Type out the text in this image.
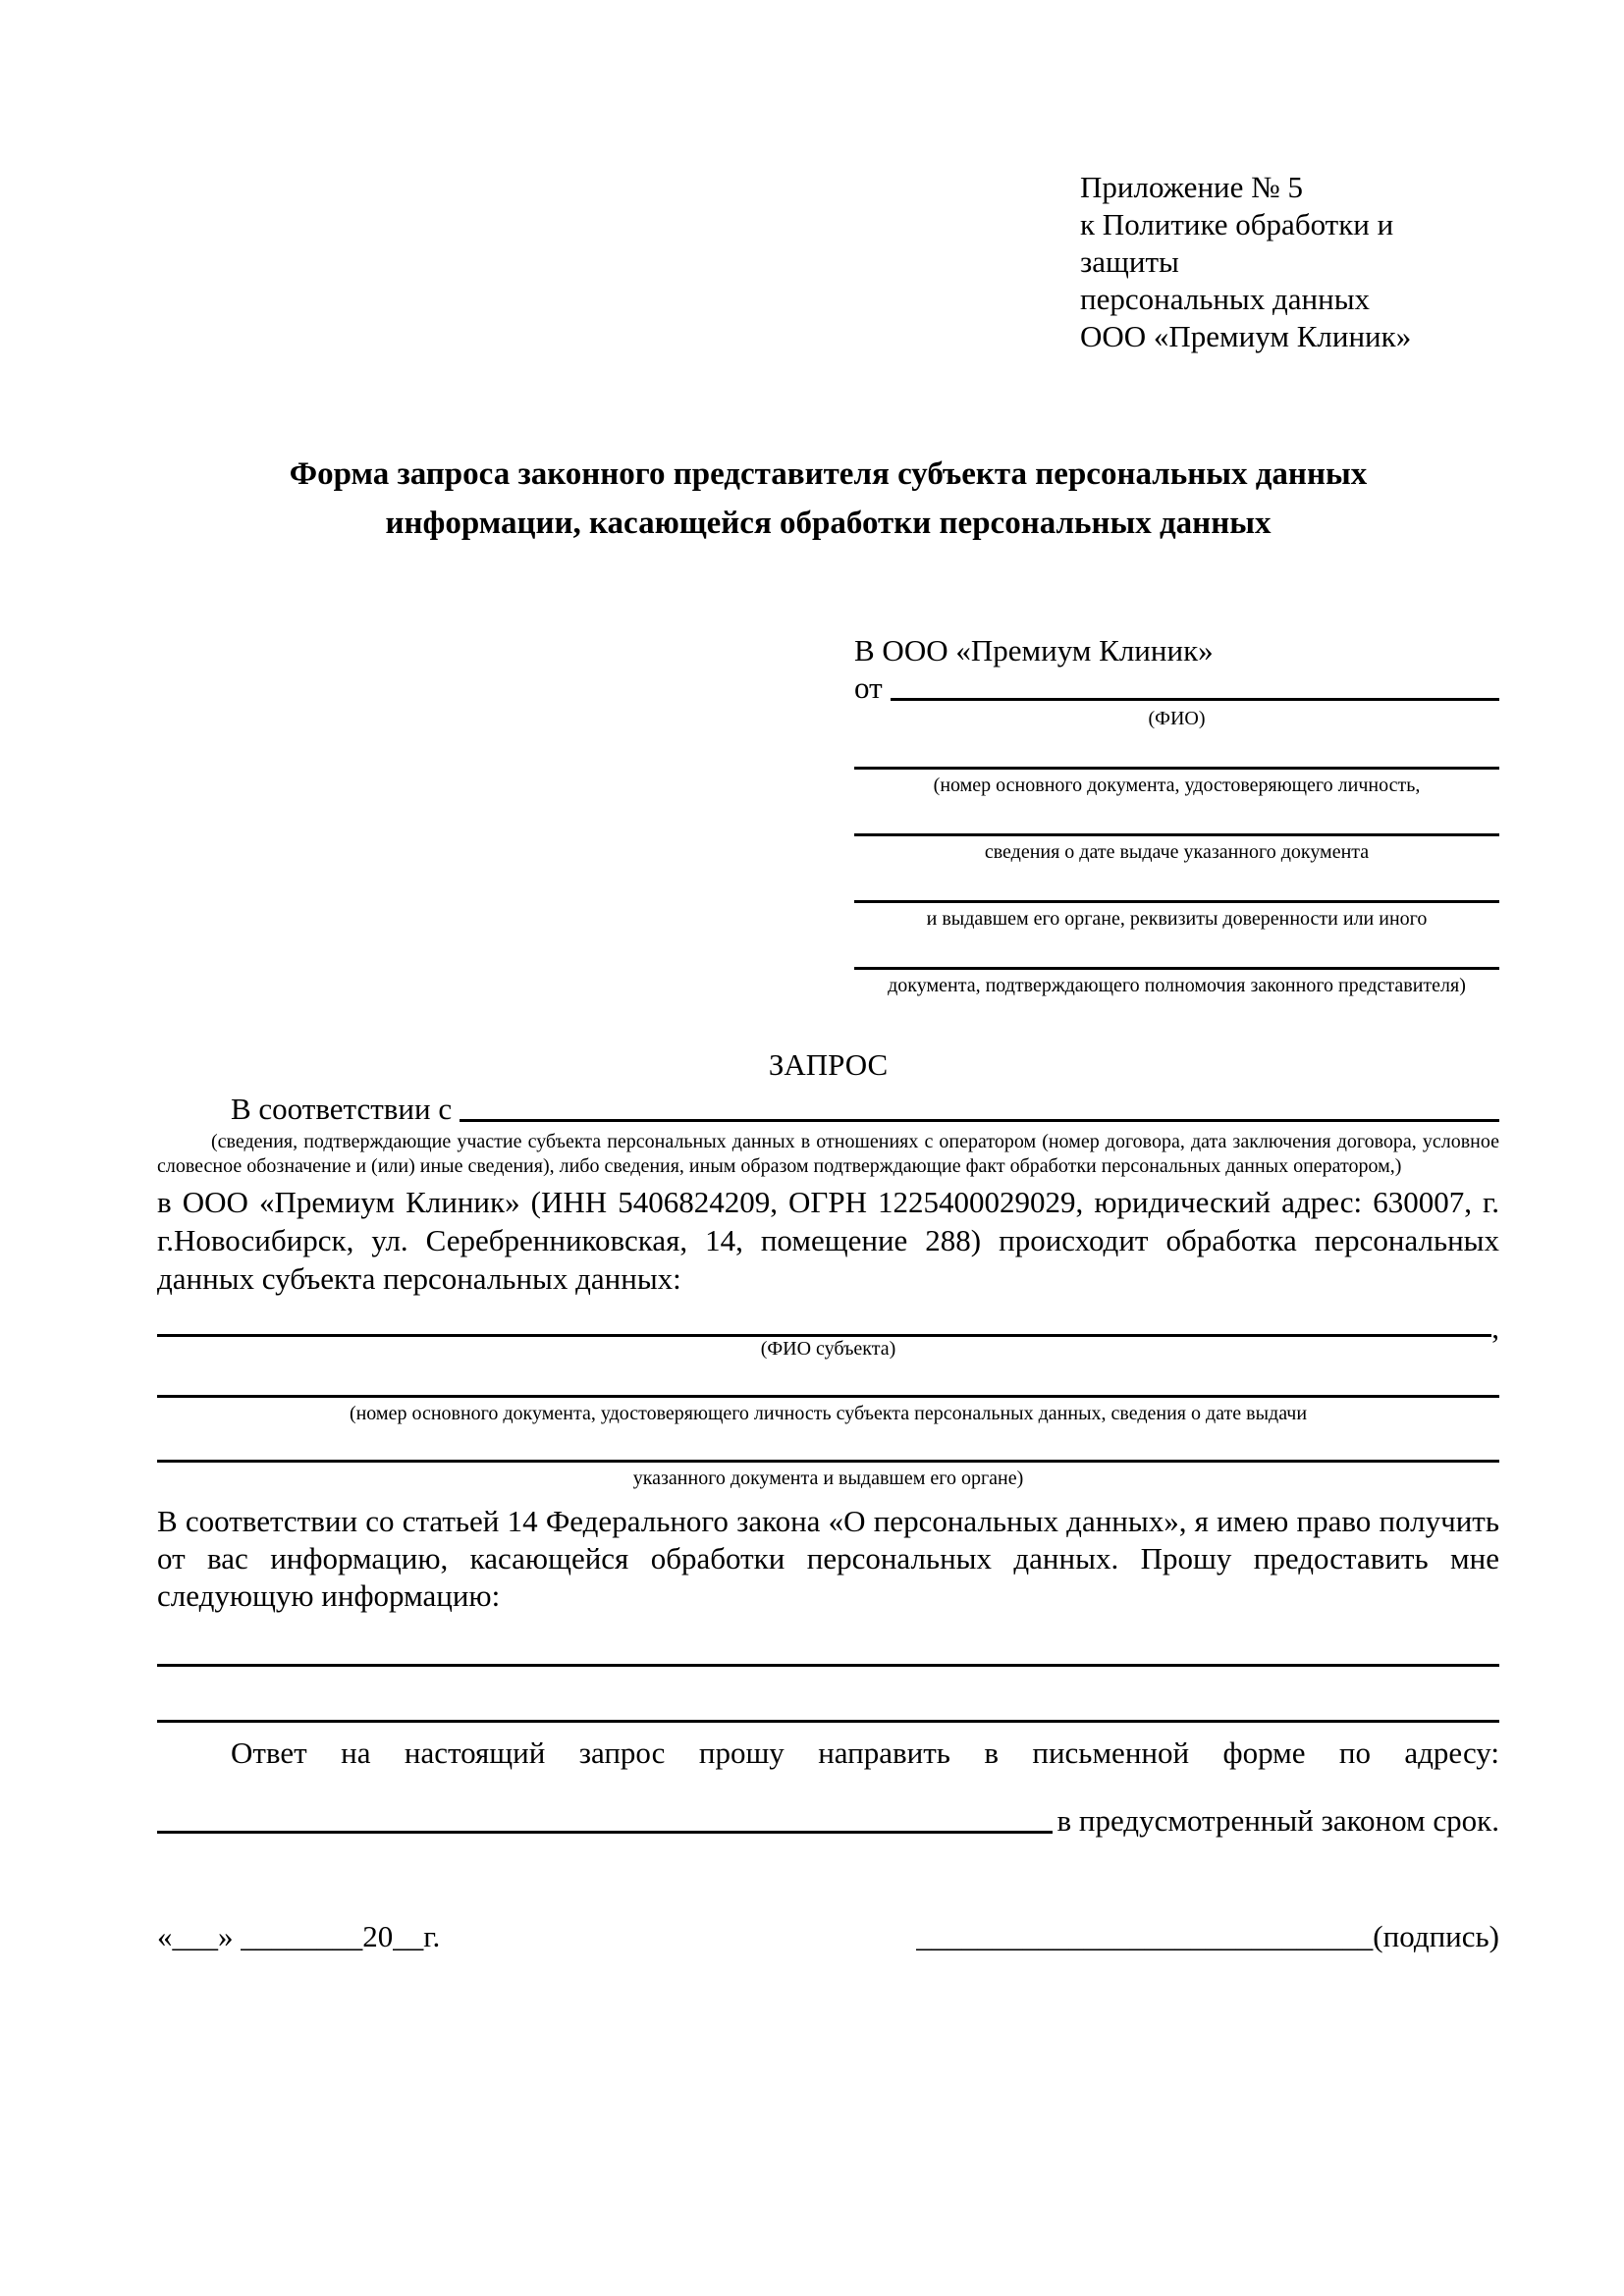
Приложение № 5
к Политике обработки и защиты
персональных данных
ООО «Премиум Клиник»
Форма запроса законного представителя субъекта персональных данных
информации, касающейся обработки персональных данных
В ООО «Премиум Клиник»
от
(ФИО)
(номер основного документа, удостоверяющего личность,
сведения о дате выдаче указанного документа
и выдавшем его органе, реквизиты доверенности или иного
документа, подтверждающего полномочия законного представителя)
ЗАПРОС
В соответствии с

(сведения, подтверждающие участие субъекта персональных данных в отношениях с оператором (номер договора, дата заключения договора, условное словесное обозначение и (или) иные сведения), либо сведения, иным образом подтверждающие факт обработки персональных данных оператором,)

в ООО «Премиум Клиник» (ИНН 5406824209, ОГРН 1225400029029, юридический адрес: 630007, г. г.Новосибирск, ул. Серебренниковская, 14, помещение 288) происходит обработка персональных данных субъекта персональных данных:

,
(ФИО субъекта)
(номер основного документа, удостоверяющего личность субъекта персональных данных, сведения о дате выдачи
указанного документа и выдавшем его органе)

В соответствии со статьей 14 Федерального закона «О персональных данных», я имею право получить от вас информацию, касающейся обработки персональных данных. Прошу предоставить мне следующую информацию:

Ответ на настоящий запрос прошу направить в письменной форме по адресу:

в предусмотренный законом срок.
«___» ________20__г.	______________________________(подпись)
